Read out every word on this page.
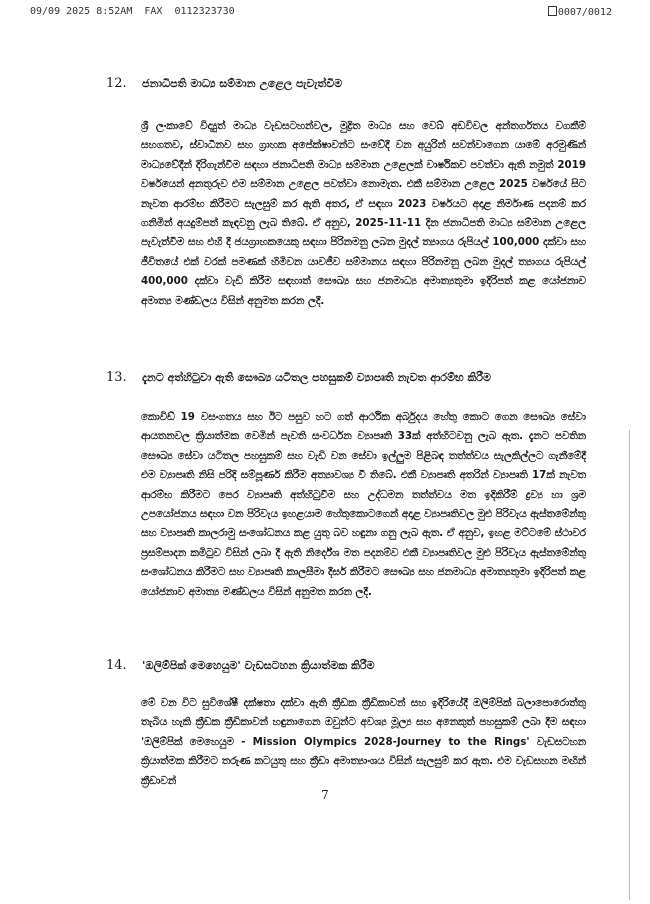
09/09 2025 8:52AM  FAX  0112323730	0007/0012
12. ජනාධිපති මාධ්‍ය සම්මාන උළෙල පැවැත්වීම
ශ්‍රී ලංකාවේ විද්‍යුත් මාධ්‍ය වැඩසටහන්වල, මුද්‍රිත මාධ්‍ය සහ වෙබ් අඩවිවල අන්තර්ගතය වගකීම් සහගතව, ස්වාධීනව සහ ග්‍රාහක අපේක්ෂාවන්ට සංවේදී වන අයුරින් සවන්වාගෙන යාමේ අරමුණින් මාධ්‍යවේදීන් දිරිගැන්වීම සඳහා ජනාධිපති මාධ්‍ය සම්මාන උළෙලක් වාර්ෂිකව පවත්වා ඇති නමුත් 2019 වර්ෂයෙන් අනතුරුව එම සම්මාන උළෙල පවත්වා නොමැත. එකී සම්මාන උළෙල 2025 වර්ෂයේ සිට නැවත ආරම්භ කිරීමට සැලසුම් කර ඇති අතර, ඒ සඳහා 2023 වර්ෂයට අදාළ නිර්මාණ පදනම් කර ගනිමින් අයදුම්පත් කැඳවනු ලැබ තිබේ. ඒ අනුව, 2025-11-11 දින ජනාධිපති මාධ්‍ය සම්මාන උළෙල පැවැත්වීම සහ එහි දී ජයග්‍රාහකයෙකු සඳහා පිරිනමනු ලබන මුදල් ත්‍යාගය රුපියල් 100,000 දක්වා සහ ජීවිතයේ එක් වරක් පමණක් හිමිවන යාවජීව සම්මානය සඳහා පිරිනමනු ලබන මුදල් ත්‍යාගය රුපියල් 400,000 දක්වා වැඩි කිරීම සඳහාත් සෞඛ්‍ය සහ ජනමාධ්‍ය අමාත්‍යතුමා ඉදිරිපත් කළ යෝජනාව අමාත්‍ය මණ්ඩලය විසින් අනුමත කරන ලදී.
13. දැනට අත්හිටුවා ඇති සෞඛ්‍ය යටිතල පහසුකම් ව්‍යාපෘති නැවත ආරම්භ කිරීම
කොවිඩ් 19 වසංගතය සහ ඊට පසුව හට ගත් ආර්ථික අර්බුදය හේතු කොට ගෙන සෞඛ්‍ය සේවා ආයතනවල ක්‍රියාත්මක වෙමින් පැවති සංවර්ධන ව්‍යාපෘති 33ක් අත්හිටවනු ලැබ ඇත. දැනට පවතින සෞඛ්‍ය සේවා යටිතල පහසුකම් සහ වැඩි වන සේවා ඉල්ලුම පිළිබඳ තත්ත්වය සැලකිල්ලට ගැනීමේදී එම ව්‍යාපෘති නිසි පරිදි සම්පූර්ණ කිරීම අත්‍යාවශ්‍ය වී තිබේ. එකී ව්‍යාපෘති අතරින් ව්‍යාපෘති 17ක් නැවත ආරම්භ කිරීමට පෙර ව්‍යාපෘති අත්හිටුවීම සහ උද්ධමන තත්ත්වය මත ඉදිකිරීම් ද්‍රව්‍ය හා ශ්‍රම උපයෝජනය සඳහා වන පිරිවැය ඉහළයාම හේතුකොටගෙන් අදාළ ව්‍යාපෘතිවල මුළු පිරිවැය ඇස්තමේන්තු සහ ව්‍යාපෘති කාලරාමු සංශෝධනය කළ යුතු බව හඳුනා ගනු ලැබ ඇත. ඒ අනුව, ඉහළ මට්ටමේ ස්ථාවර ප්‍රසම්පාදන කමිටුව විසින් ලබා දී ඇති නිර්දේශ මත පදනම්ව එකී ව්‍යාපෘතිවල මුළු පිරිවැය ඇස්තමේන්තු සංශෝධනය කිරීමට සහ ව්‍යාපෘති කාලසීමා දීර්ඝ කිරීමට සෞඛ්‍ය සහ ජනමාධ්‍ය අමාත්‍යතුමා ඉදිරිපත් කළ යෝජනාව අමාත්‍ය මණ්ඩලය විසින් අනුමත කරන ලදී.
14. 'ඔලිම්පික් මෙහෙයුම' වැඩසටහන ක්‍රියාත්මක කිරීම
මේ වන විට සුවිශේෂී දක්ෂතා දක්වා ඇති ක්‍රීඩක ක්‍රීඩිකාවන් සහ ඉදිරියේදී ඔලිම්පික් බලාපොරොත්තු තැබිය හැකි ක්‍රීඩක ක්‍රීඩිකාවන් හඳුනාගෙන ඔවුන්ට අවශ්‍ය මූල්‍ය සහ අනෙකුත් පහසුකම් ලබා දීම සඳහා 'ඔලිම්පික් මෙහෙයුම - Mission Olympics 2028-Journey to the Rings' වැඩසටහන ක්‍රියාත්මක කිරීමට තරුණ කටයුතු සහ ක්‍රීඩා අමාත්‍යාංශය විසින් සැලසුම් කර ඇත. එම වැඩසහන මඟින් ක්‍රීඩාවන්
7
